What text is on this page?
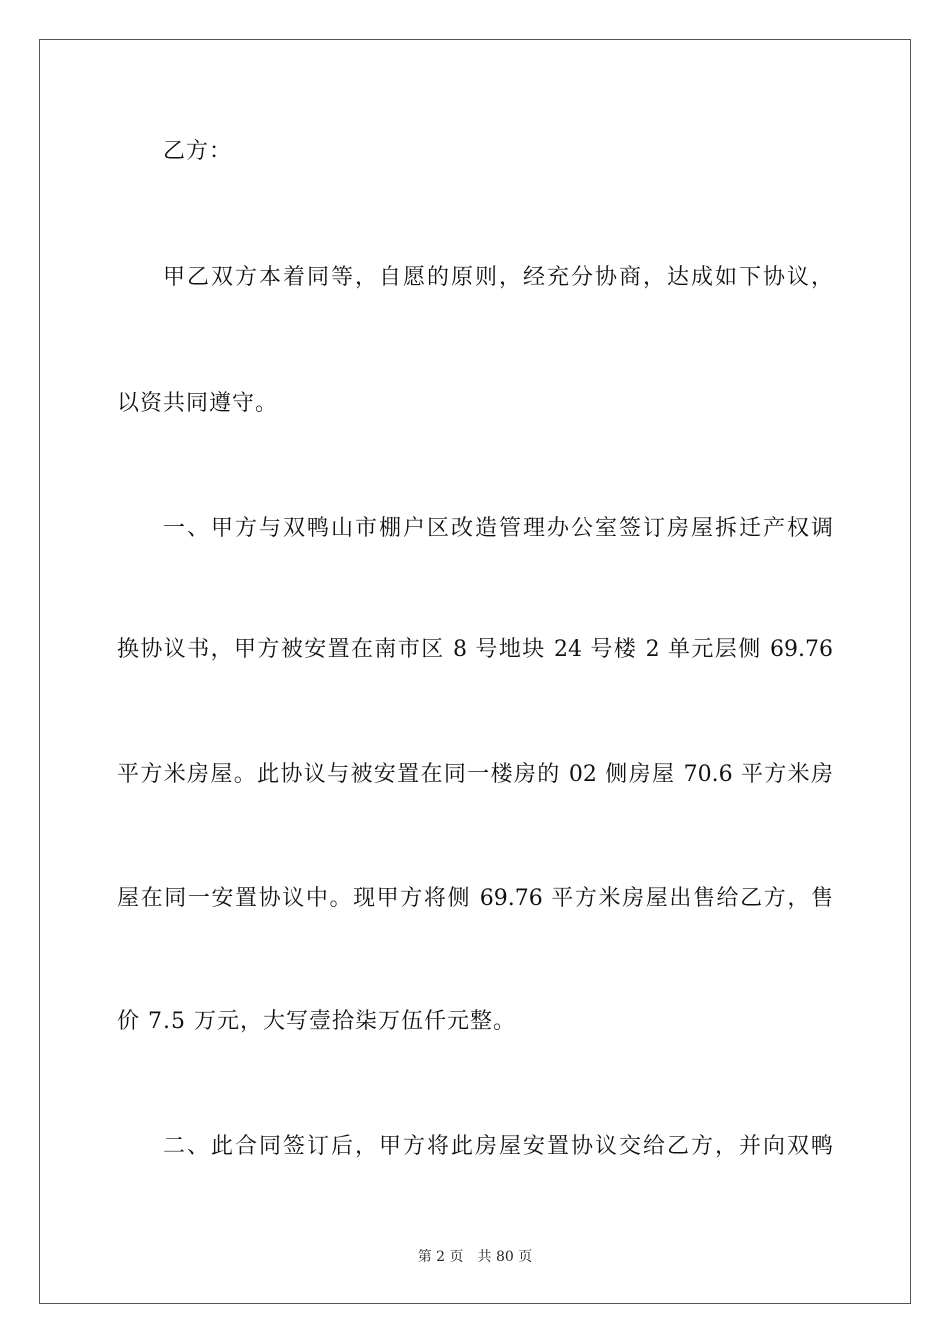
乙方：
甲乙双方本着同等，自愿的原则，经充分协商，达成如下协议，
以资共同遵守。
一、甲方与双鸭山市棚户区改造管理办公室签订房屋拆迁产权调
换协议书，甲方被安置在南市区 8 号地块 24 号楼 2 单元层侧 69.76
平方米房屋。此协议与被安置在同一楼房的 02 侧房屋 70.6 平方米房
屋在同一安置协议中。现甲方将侧 69.76 平方米房屋出售给乙方，售
价 7.5 万元，大写壹拾柒万伍仟元整。
二、此合同签订后，甲方将此房屋安置协议交给乙方，并向双鸭
第 2 页 共 80 页
